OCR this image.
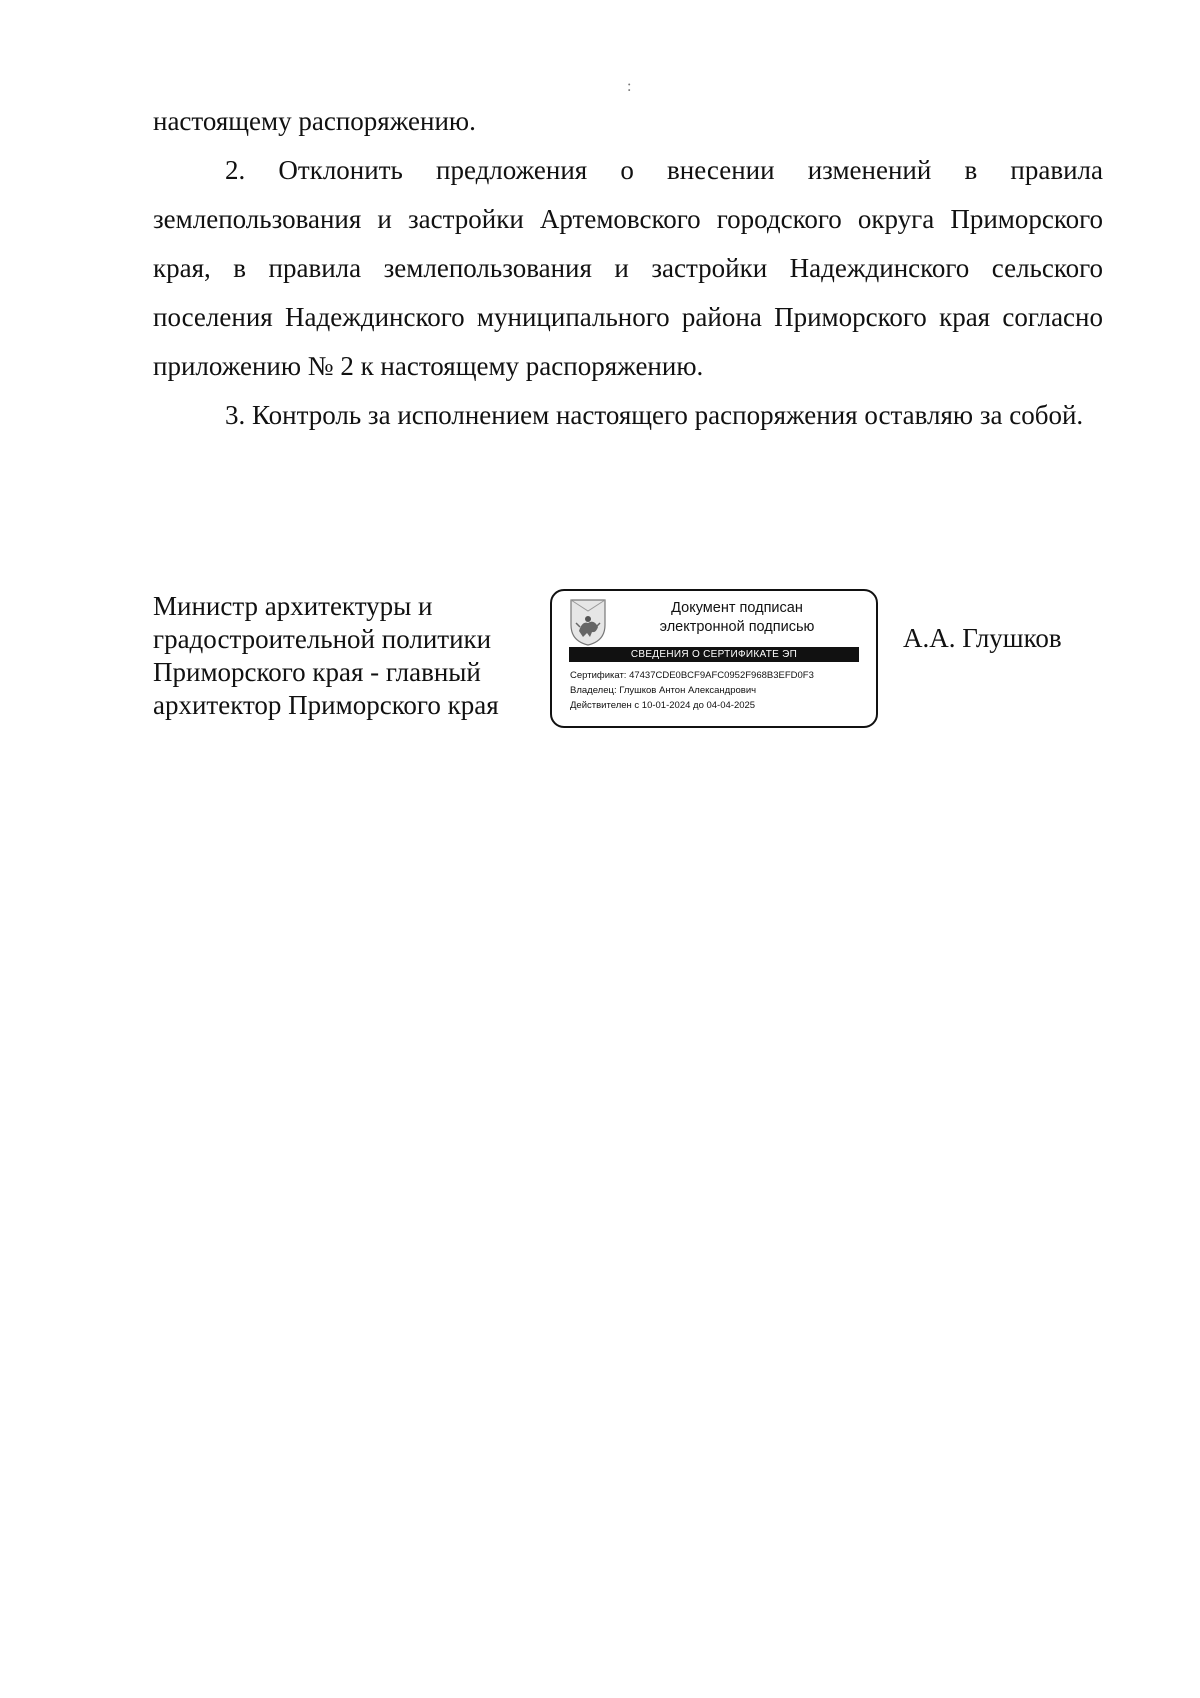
:

настоящему распоряжению.

2. Отклонить предложения о внесении изменений в правила землепользования и застройки Артемовского городского округа Приморского края, в правила землепользования и застройки Надеждинского сельского поселения Надеждинского муниципального района Приморского края согласно приложению № 2 к настоящему распоряжению.

3. Контроль за исполнением настоящего распоряжения оставляю за собой.

Министр архитектуры и
градостроительной политики
Приморского края - главный
архитектор Приморского края
Документ подписан
электронной подписью
СВЕДЕНИЯ О СЕРТИФИКАТЕ ЭП
Сертификат: 47437CDE0BCF9AFC0952F968B3EFD0F3
Владелец: Глушков Антон Александрович
Действителен с 10-01-2024 до 04-04-2025
А.А. Глушков
